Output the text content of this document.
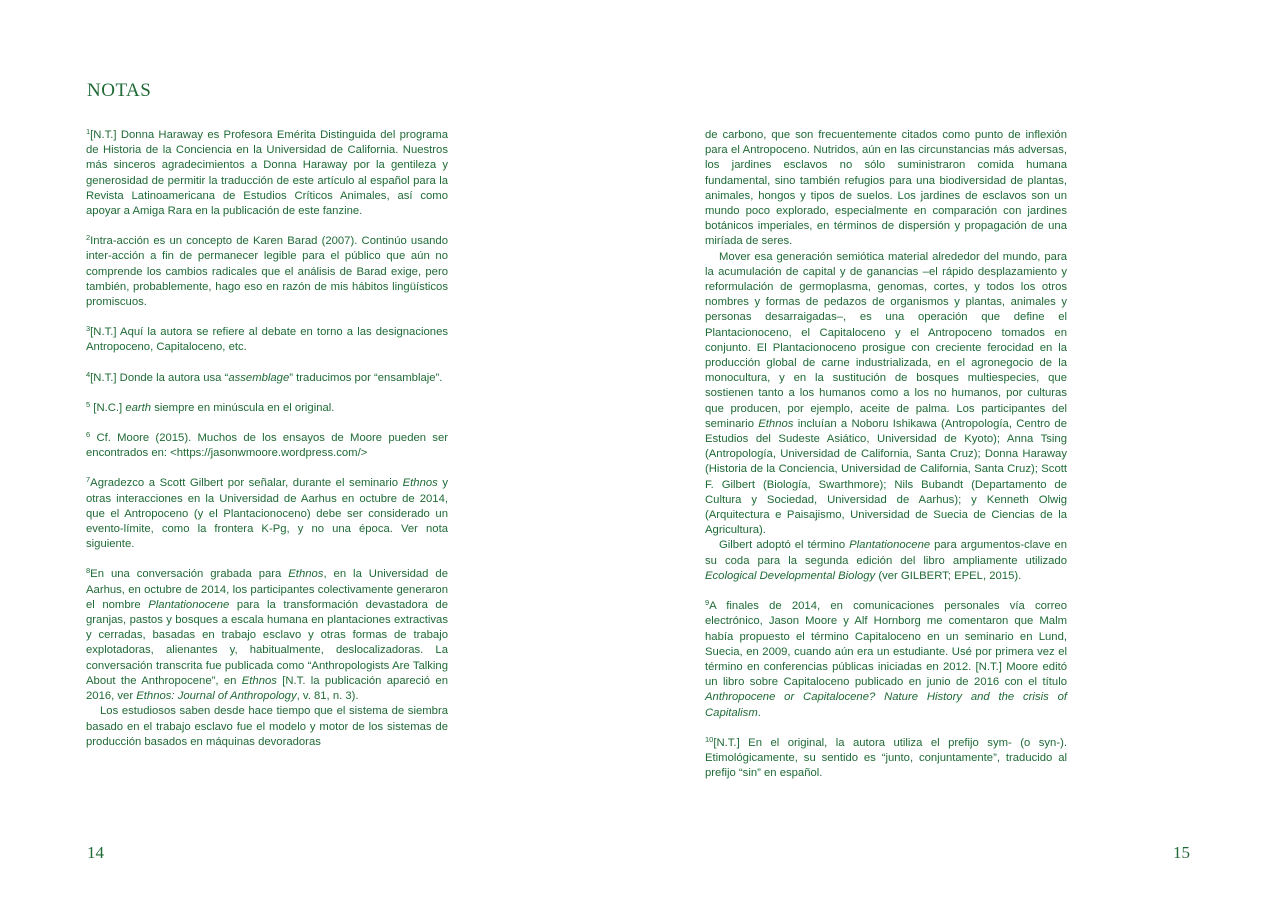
NOTAS

$^1$[N.T.] Donna Haraway es Profesora Emérita Distinguida del programa de Historia de la Conciencia en la Universidad de California. Nuestros más sinceros agradecimientos a Donna Haraway por la gentileza y generosidad de permitir la traducción de este artículo al español para la Revista Latinoamericana de Estudios Críticos Animales, así como apoyar a Amiga Rara en la publicación de este fanzine.

$^2$Intra-acción es un concepto de Karen Barad (2007). Continúo usando inter-acción a fin de permanecer legible para el público que aún no comprende los cambios radicales que el análisis de Barad exige, pero también, probablemente, hago eso en razón de mis hábitos lingüísticos promiscuos.

$^3$[N.T.] Aquí la autora se refiere al debate en torno a las designaciones Antropoceno, Capitaloceno, etc.

$^4$[N.T.] Donde la autora usa “assemblage” traducimos por “ensamblaje”.

$^5$ [N.C.] earth siempre en minúscula en el original.

$^6$ Cf. Moore (2015). Muchos de los ensayos de Moore pueden ser encontrados en: <https://jasonwmoore.wordpress.com/>

$^7$Agradezco a Scott Gilbert por señalar, durante el seminario Ethnos y otras interacciones en la Universidad de Aarhus en octubre de 2014, que el Antropoceno (y el Plantacionoceno) debe ser considerado un evento-límite, como la frontera K-Pg, y no una época. Ver nota siguiente.

$^8$En una conversación grabada para Ethnos, en la Universidad de Aarhus, en octubre de 2014, los participantes colectivamente generaron el nombre Plantationocene para la transformación devastadora de granjas, pastos y bosques a escala humana en plantaciones extractivas y cerradas, basadas en trabajo esclavo y otras formas de trabajo explotadoras, alienantes y, habitualmente, deslocalizadoras. La conversación transcrita fue publicada como “Anthropologists Are Talking About the Anthropocene”, en Ethnos [N.T. la publicación apareció en 2016, ver Ethnos: Journal of Anthropology, v. 81, n. 3).

Los estudiosos saben desde hace tiempo que el sistema de siembra basado en el trabajo esclavo fue el modelo y motor de los sistemas de producción basados en máquinas devoradoras

de carbono, que son frecuentemente citados como punto de inflexión para el Antropoceno. Nutridos, aún en las circunstancias más adversas, los jardines esclavos no sólo suministraron comida humana fundamental, sino también refugios para una biodiversidad de plantas, animales, hongos y tipos de suelos. Los jardines de esclavos son un mundo poco explorado, especialmente en comparación con jardines botánicos imperiales, en términos de dispersión y propagación de una miríada de seres.

Mover esa generación semiótica material alrededor del mundo, para la acumulación de capital y de ganancias –el rápido desplazamiento y reformulación de germoplasma, genomas, cortes, y todos los otros nombres y formas de pedazos de organismos y plantas, animales y personas desarraigadas–, es una operación que define el Plantacionoceno, el Capitaloceno y el Antropoceno tomados en conjunto. El Plantacionoceno prosigue con creciente ferocidad en la producción global de carne industrializada, en el agronegocio de la monocultura, y en la sustitución de bosques multiespecies, que sostienen tanto a los humanos como a los no humanos, por culturas que producen, por ejemplo, aceite de palma. Los participantes del seminario Ethnos incluían a Noboru Ishikawa (Antropología, Centro de Estudios del Sudeste Asiático, Universidad de Kyoto); Anna Tsing (Antropología, Universidad de California, Santa Cruz); Donna Haraway (Historia de la Conciencia, Universidad de California, Santa Cruz); Scott F. Gilbert (Biología, Swarthmore); Nils Bubandt (Departamento de Cultura y Sociedad, Universidad de Aarhus); y Kenneth Olwig (Arquitectura e Paisajismo, Universidad de Suecia de Ciencias de la Agricultura).

Gilbert adoptó el término Plantationocene para argumentos-clave en su coda para la segunda edición del libro ampliamente utilizado Ecological Developmental Biology (ver GILBERT; EPEL, 2015).

$^9$A finales de 2014, en comunicaciones personales vía correo electrónico, Jason Moore y Alf Hornborg me comentaron que Malm había propuesto el término Capitaloceno en un seminario en Lund, Suecia, en 2009, cuando aún era un estudiante. Usé por primera vez el término en conferencias públicas iniciadas en 2012. [N.T.] Moore editó un libro sobre Capitaloceno publicado en junio de 2016 con el título Anthropocene or Capitalocene? Nature History and the crisis of Capitalism.

$^{10}$[N.T.] En el original, la autora utiliza el prefijo sym- (o syn-). Etimológicamente, su sentido es “junto, conjuntamente”, traducido al prefijo “sin” en español.

14	15
